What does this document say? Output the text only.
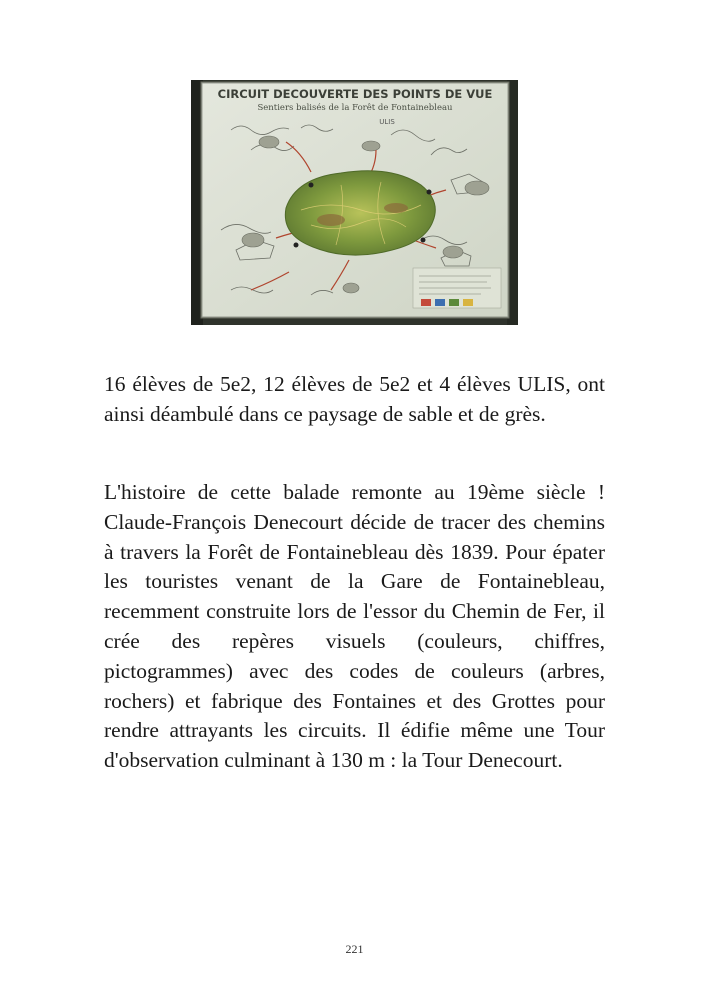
CIRCUIT DECOUVERTE DES POINTS DE VUE
Sentiers balisés de la Forêt de Fontainebleau
ULIS

16 élèves de 5e2, 12 élèves de 5e2 et 4 élèves ULIS, ont ainsi déambulé dans ce paysage de sable et de grès.

L'histoire de cette balade remonte au 19ème siècle ! Claude-François Denecourt décide de tracer des chemins à travers la Forêt de Fontainebleau dès 1839. Pour épater les touristes venant de la Gare de Fontainebleau, recemment construite lors de l'essor du Chemin de Fer, il crée des repères visuels (couleurs, chiffres, pictogrammes) avec des codes de couleurs (arbres, rochers) et fabrique des Fontaines et des Grottes pour rendre attrayants les circuits. Il édifie même une Tour d'observation culminant à 130 m : la Tour Denecourt.

221
